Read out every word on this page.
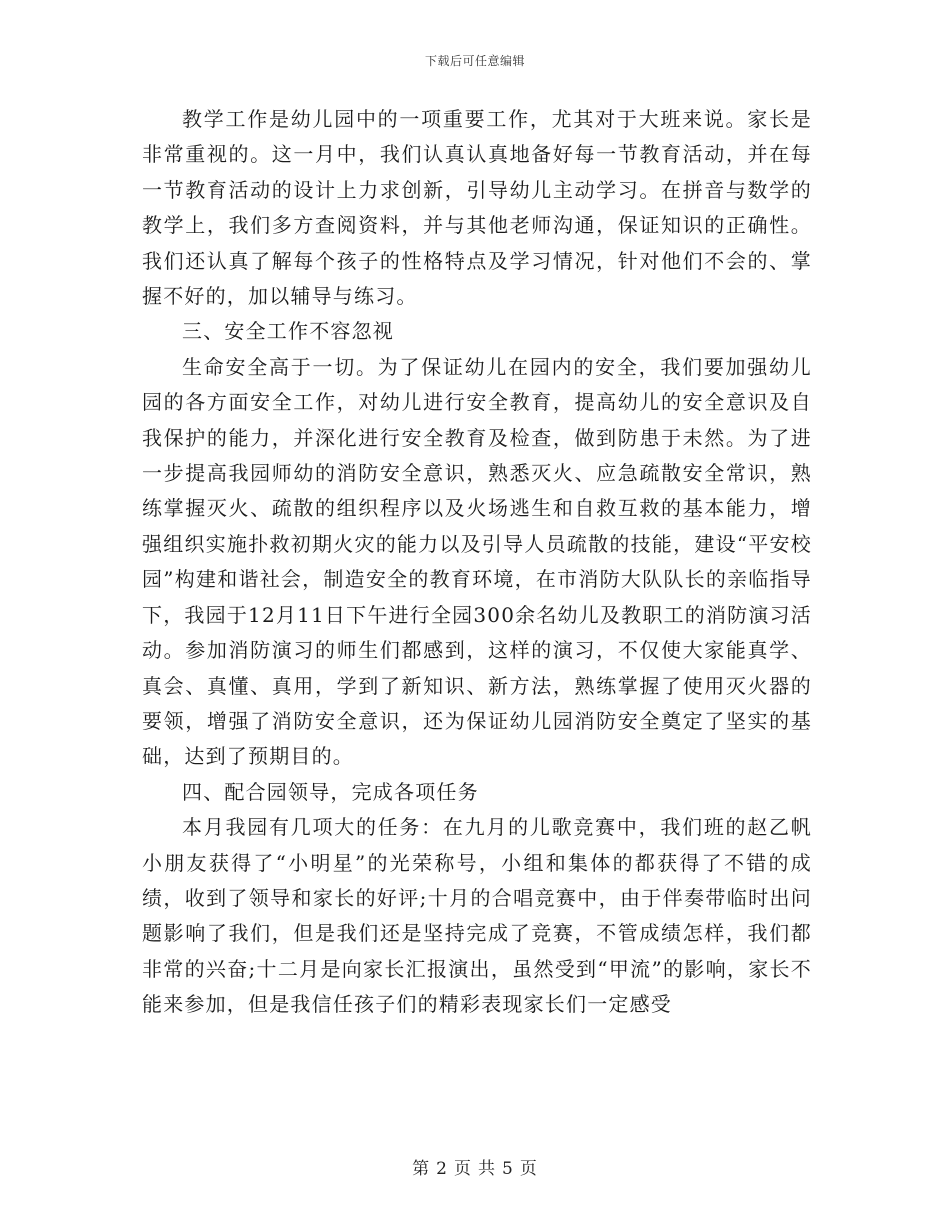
下载后可任意编辑

教学工作是幼儿园中的一项重要工作，尤其对于大班来说。家长是非常重视的。这一月中，我们认真认真地备好每一节教育活动，并在每一节教育活动的设计上力求创新，引导幼儿主动学习。在拼音与数学的教学上，我们多方查阅资料，并与其他老师沟通，保证知识的正确性。我们还认真了解每个孩子的性格特点及学习情况，针对他们不会的、掌握不好的，加以辅导与练习。

三、安全工作不容忽视

生命安全高于一切。为了保证幼儿在园内的安全，我们要加强幼儿园的各方面安全工作，对幼儿进行安全教育，提高幼儿的安全意识及自我保护的能力，并深化进行安全教育及检查，做到防患于未然。为了进一步提高我园师幼的消防安全意识，熟悉灭火、应急疏散安全常识，熟练掌握灭火、疏散的组织程序以及火场逃生和自救互救的基本能力，增强组织实施扑救初期火灾的能力以及引导人员疏散的技能，建设“平安校园”构建和谐社会，制造安全的教育环境，在市消防大队队长的亲临指导下，我园于12月11日下午进行全园300余名幼儿及教职工的消防演习活动。参加消防演习的师生们都感到，这样的演习，不仅使大家能真学、真会、真懂、真用，学到了新知识、新方法，熟练掌握了使用灭火器的要领，增强了消防安全意识，还为保证幼儿园消防安全奠定了坚实的基础，达到了预期目的。

四、配合园领导，完成各项任务

本月我园有几项大的任务：在九月的儿歌竞赛中，我们班的赵乙帆小朋友获得了“小明星”的光荣称号，小组和集体的都获得了不错的成绩，收到了领导和家长的好评;十月的合唱竞赛中，由于伴奏带临时出问题影响了我们，但是我们还是坚持完成了竞赛，不管成绩怎样，我们都非常的兴奋;十二月是向家长汇报演出，虽然受到“甲流”的影响，家长不能来参加，但是我信任孩子们的精彩表现家长们一定感受

第 2 页 共 5 页
